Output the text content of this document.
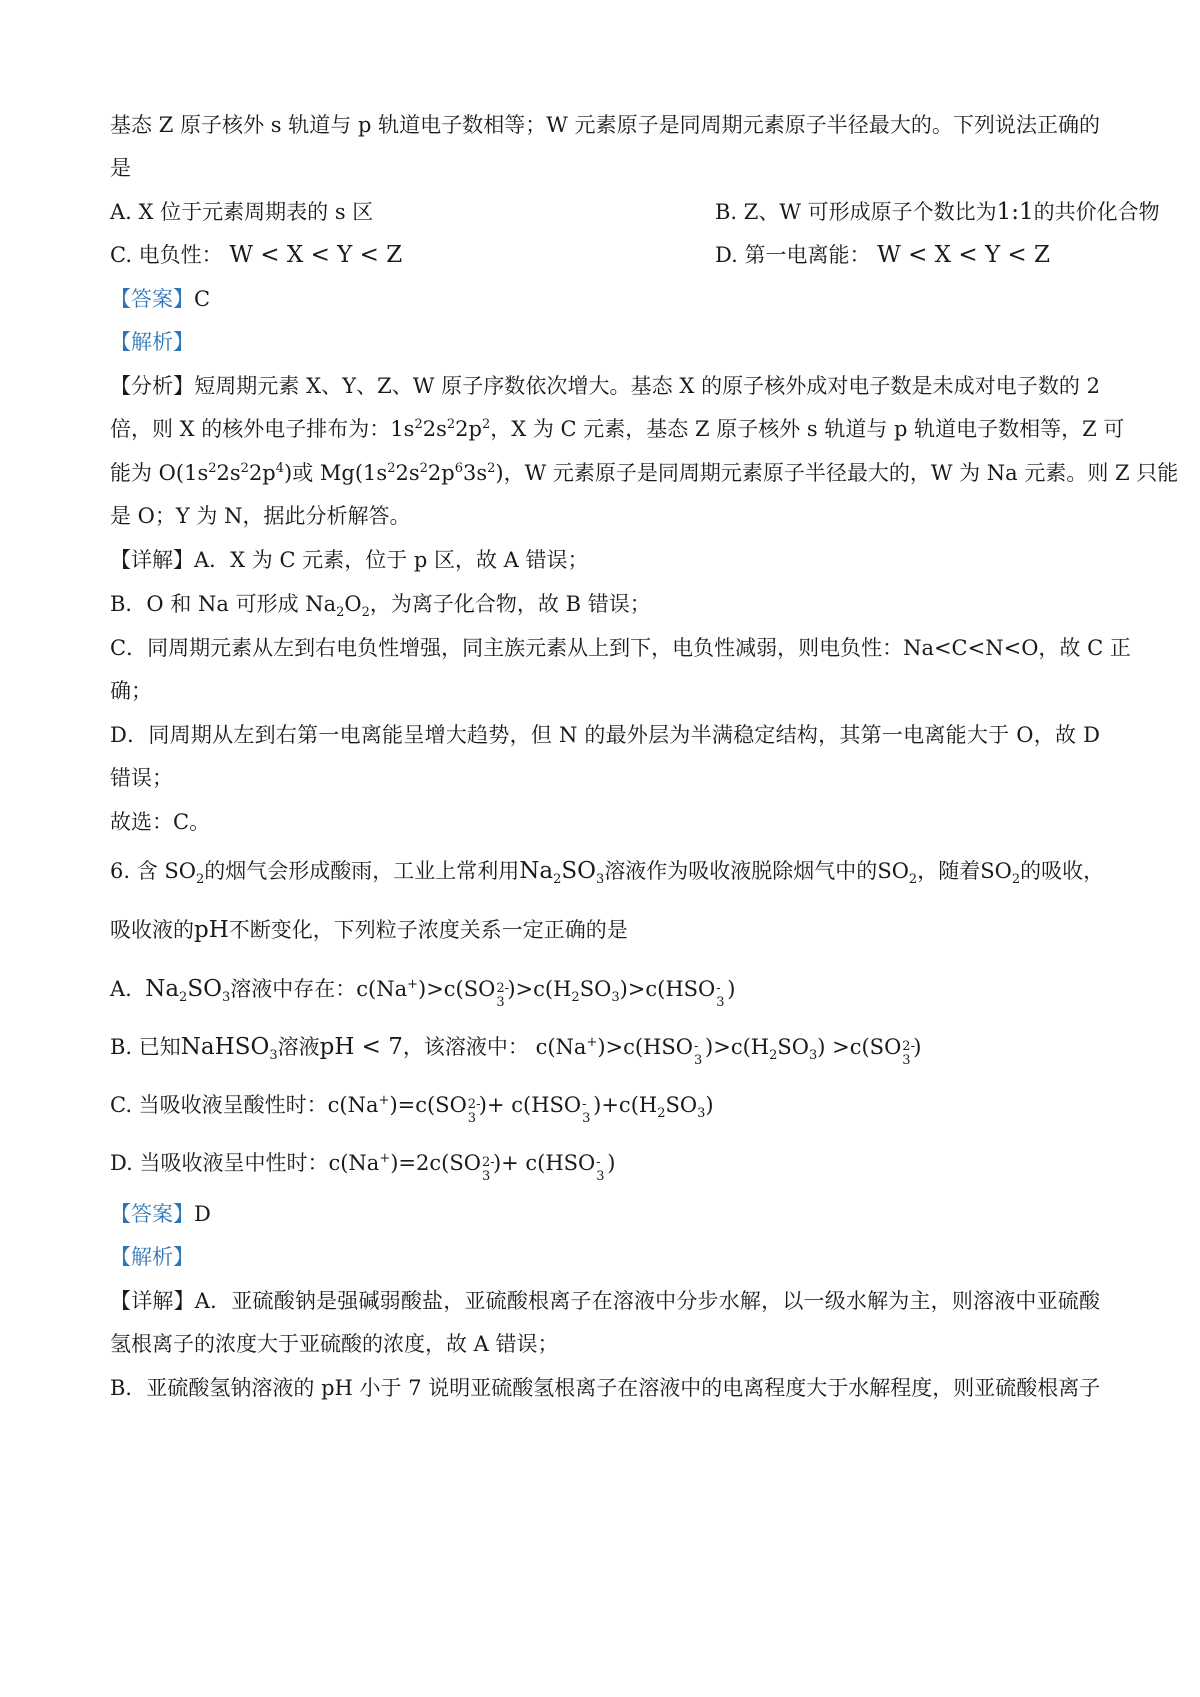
基态 Z 原子核外 s 轨道与 p 轨道电子数相等；W 元素原子是同周期元素原子半径最大的。下列说法正确的
是
A. X 位于元素周期表的 s 区	B. Z、W 可形成原子个数比为1:1的共价化合物
C. 电负性： W < X < Y < Z	D. 第一电离能： W < X < Y < Z
【答案】C
【解析】
【分析】短周期元素 X、Y、Z、W 原子序数依次增大。基态 X 的原子核外成对电子数是未成对电子数的 2
倍，则 X 的核外电子排布为：$1s^22s^22p^2$，X 为 C 元素，基态 Z 原子核外 s 轨道与 p 轨道电子数相等，Z 可
能为 $O(1s^22s^22p^4)$或 $Mg(1s^22s^22p^63s^2)$，W 元素原子是同周期元素原子半径最大的，W 为 Na 元素。则 Z 只能
是 O；Y 为 N，据此分析解答。
【详解】A．X 为 C 元素，位于 p 区，故 A 错误；
B．O 和 Na 可形成 $Na_2O_2$，为离子化合物，故 B 错误；
C．同周期元素从左到右电负性增强，同主族元素从上到下，电负性减弱，则电负性：Na<C<N<O，故 C 正
确；
D．同周期从左到右第一电离能呈增大趋势，但 N 的最外层为半满稳定结构，其第一电离能大于 O，故 D
错误；
故选：C。
6. 含 $SO_2$的烟气会形成酸雨，工业上常利用$Na_2SO_3$溶液作为吸收液脱除烟气中的$SO_2$，随着$SO_2$的吸收，
吸收液的pH不断变化，下列粒子浓度关系一定正确的是
A. $Na_2SO_3$溶液中存在：c(Na+)>c(SO 2-
3
)$>c(H_2SO_3)>c(HSO$ -
3
)
B. 已知NaHSO$_3$溶液pH < 7，该溶液中： c(Na+)>c(HSO -
3
)$>c(H_2SO_3) >c(SO$ 2-
3
)
C. 当吸收液呈酸性时：c(Na+)=c(SO 2-
3
)+ c(HSO -
3
)$+c(H_2SO_3)$
D. 当吸收液呈中性时：c(Na+)=2c(SO 2-
3
)+ c(HSO -
3
)
【答案】D
【解析】
【详解】A．亚硫酸钠是强碱弱酸盐，亚硫酸根离子在溶液中分步水解，以一级水解为主，则溶液中亚硫酸
氢根离子的浓度大于亚硫酸的浓度，故 A 错误；
B．亚硫酸氢钠溶液的 pH 小于 7 说明亚硫酸氢根离子在溶液中的电离程度大于水解程度，则亚硫酸根离子
